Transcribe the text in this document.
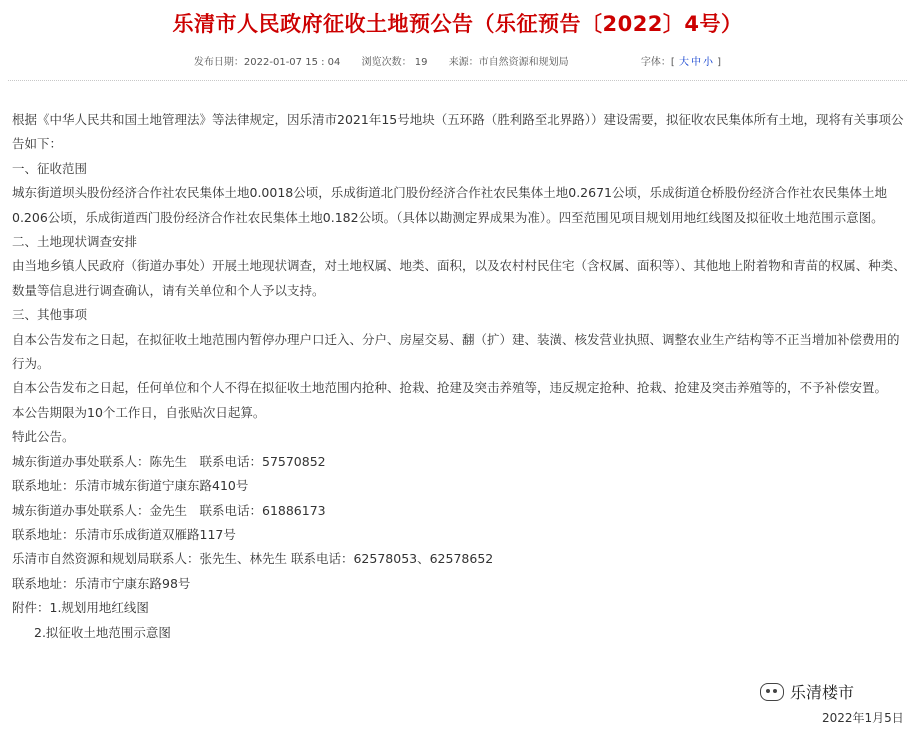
乐清市人民政府征收土地预公告（乐征预告〔2022〕4号）
发布日期：2022-01-07 15 : 04 浏览次数： 19 来源：市自然资源和规划局	字体：[ 大 中 小 ]

根据《中华人民共和国土地管理法》等法律规定，因乐清市2021年15号地块（五环路（胜利路至北界路））建设需要，拟征收农民集体所有土地，现将有关事项公告如下：

一、征收范围

城东街道坝头股份经济合作社农民集体土地0.0018公顷，乐成街道北门股份经济合作社农民集体土地0.2671公顷，乐成街道仓桥股份经济合作社农民集体土地0.206公顷，乐成街道西门股份经济合作社农民集体土地0.182公顷。（具体以勘测定界成果为准）。四至范围见项目规划用地红线图及拟征收土地范围示意图。

二、土地现状调查安排

由当地乡镇人民政府（街道办事处）开展土地现状调查，对土地权属、地类、面积，以及农村村民住宅（含权属、面积等）、其他地上附着物和青苗的权属、种类、数量等信息进行调查确认，请有关单位和个人予以支持。

三、其他事项

自本公告发布之日起，在拟征收土地范围内暂停办理户口迁入、分户、房屋交易、翻（扩）建、装潢、核发营业执照、调整农业生产结构等不正当增加补偿费用的行为。

自本公告发布之日起，任何单位和个人不得在拟征收土地范围内抢种、抢栽、抢建及突击养殖等，违反规定抢种、抢栽、抢建及突击养殖等的，不予补偿安置。

本公告期限为10个工作日，自张贴次日起算。

特此公告。

城东街道办事处联系人：陈先生　联系电话：57570852

联系地址：乐清市城东街道宁康东路410号

城东街道办事处联系人：金先生　联系电话：61886173

联系地址：乐清市乐成街道双雁路117号

乐清市自然资源和规划局联系人：张先生、林先生 联系电话：62578053、62578652

联系地址：乐清市宁康东路98号

附件：1.规划用地红线图

2.拟征收土地范围示意图

乐清楼市
2022年1月5日
